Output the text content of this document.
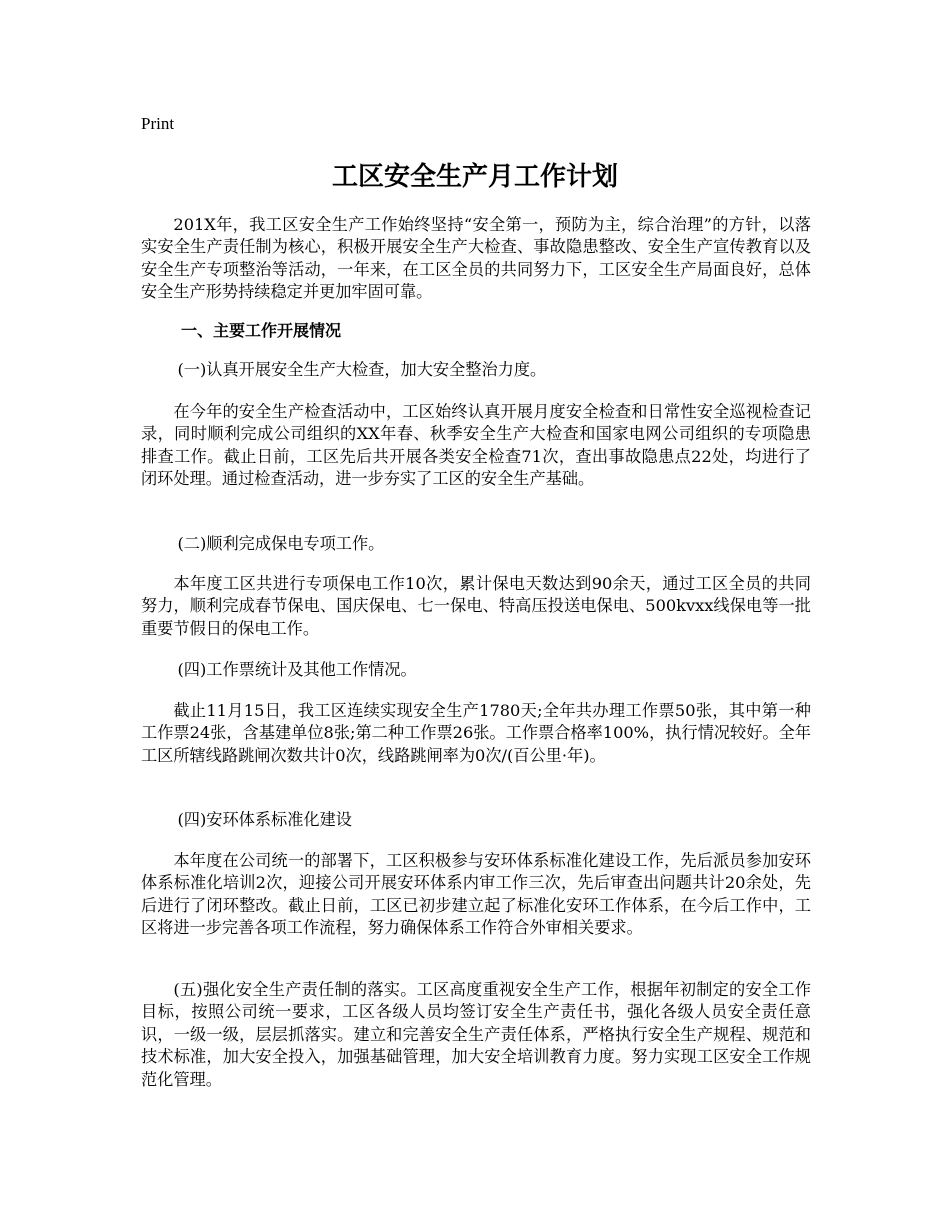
Print
工区安全生产月工作计划

201X年，我工区安全生产工作始终坚持“安全第一，预防为主，综合治理”的方针，以落实安全生产责任制为核心，积极开展安全生产大检查、事故隐患整改、安全生产宣传教育以及安全生产专项整治等活动，一年来，在工区全员的共同努力下，工区安全生产局面良好，总体安全生产形势持续稳定并更加牢固可靠。

一、主要工作开展情况

(一)认真开展安全生产大检查，加大安全整治力度。

在今年的安全生产检查活动中，工区始终认真开展月度安全检查和日常性安全巡视检查记录，同时顺利完成公司组织的XX年春、秋季安全生产大检查和国家电网公司组织的专项隐患排查工作。截止日前，工区先后共开展各类安全检查71次，查出事故隐患点22处，均进行了闭环处理。通过检查活动，进一步夯实了工区的安全生产基础。

(二)顺利完成保电专项工作。

本年度工区共进行专项保电工作10次，累计保电天数达到90余天，通过工区全员的共同努力，顺利完成春节保电、国庆保电、七一保电、特高压投送电保电、500kvxx线保电等一批重要节假日的保电工作。

(四)工作票统计及其他工作情况。

截止11月15日，我工区连续实现安全生产1780天;全年共办理工作票50张，其中第一种工作票24张，含基建单位8张;第二种工作票26张。工作票合格率100%，执行情况较好。全年工区所辖线路跳闸次数共计0次，线路跳闸率为0次/(百公里·年)。

(四)安环体系标准化建设

本年度在公司统一的部署下，工区积极参与安环体系标准化建设工作，先后派员参加安环体系标准化培训2次，迎接公司开展安环体系内审工作三次，先后审查出问题共计20余处，先后进行了闭环整改。截止日前，工区已初步建立起了标准化安环工作体系，在今后工作中，工区将进一步完善各项工作流程，努力确保体系工作符合外审相关要求。

(五)强化安全生产责任制的落实。工区高度重视安全生产工作，根据年初制定的安全工作目标，按照公司统一要求，工区各级人员均签订安全生产责任书，强化各级人员安全责任意识，一级一级，层层抓落实。建立和完善安全生产责任体系，严格执行安全生产规程、规范和技术标准，加大安全投入，加强基础管理，加大安全培训教育力度。努力实现工区安全工作规范化管理。
